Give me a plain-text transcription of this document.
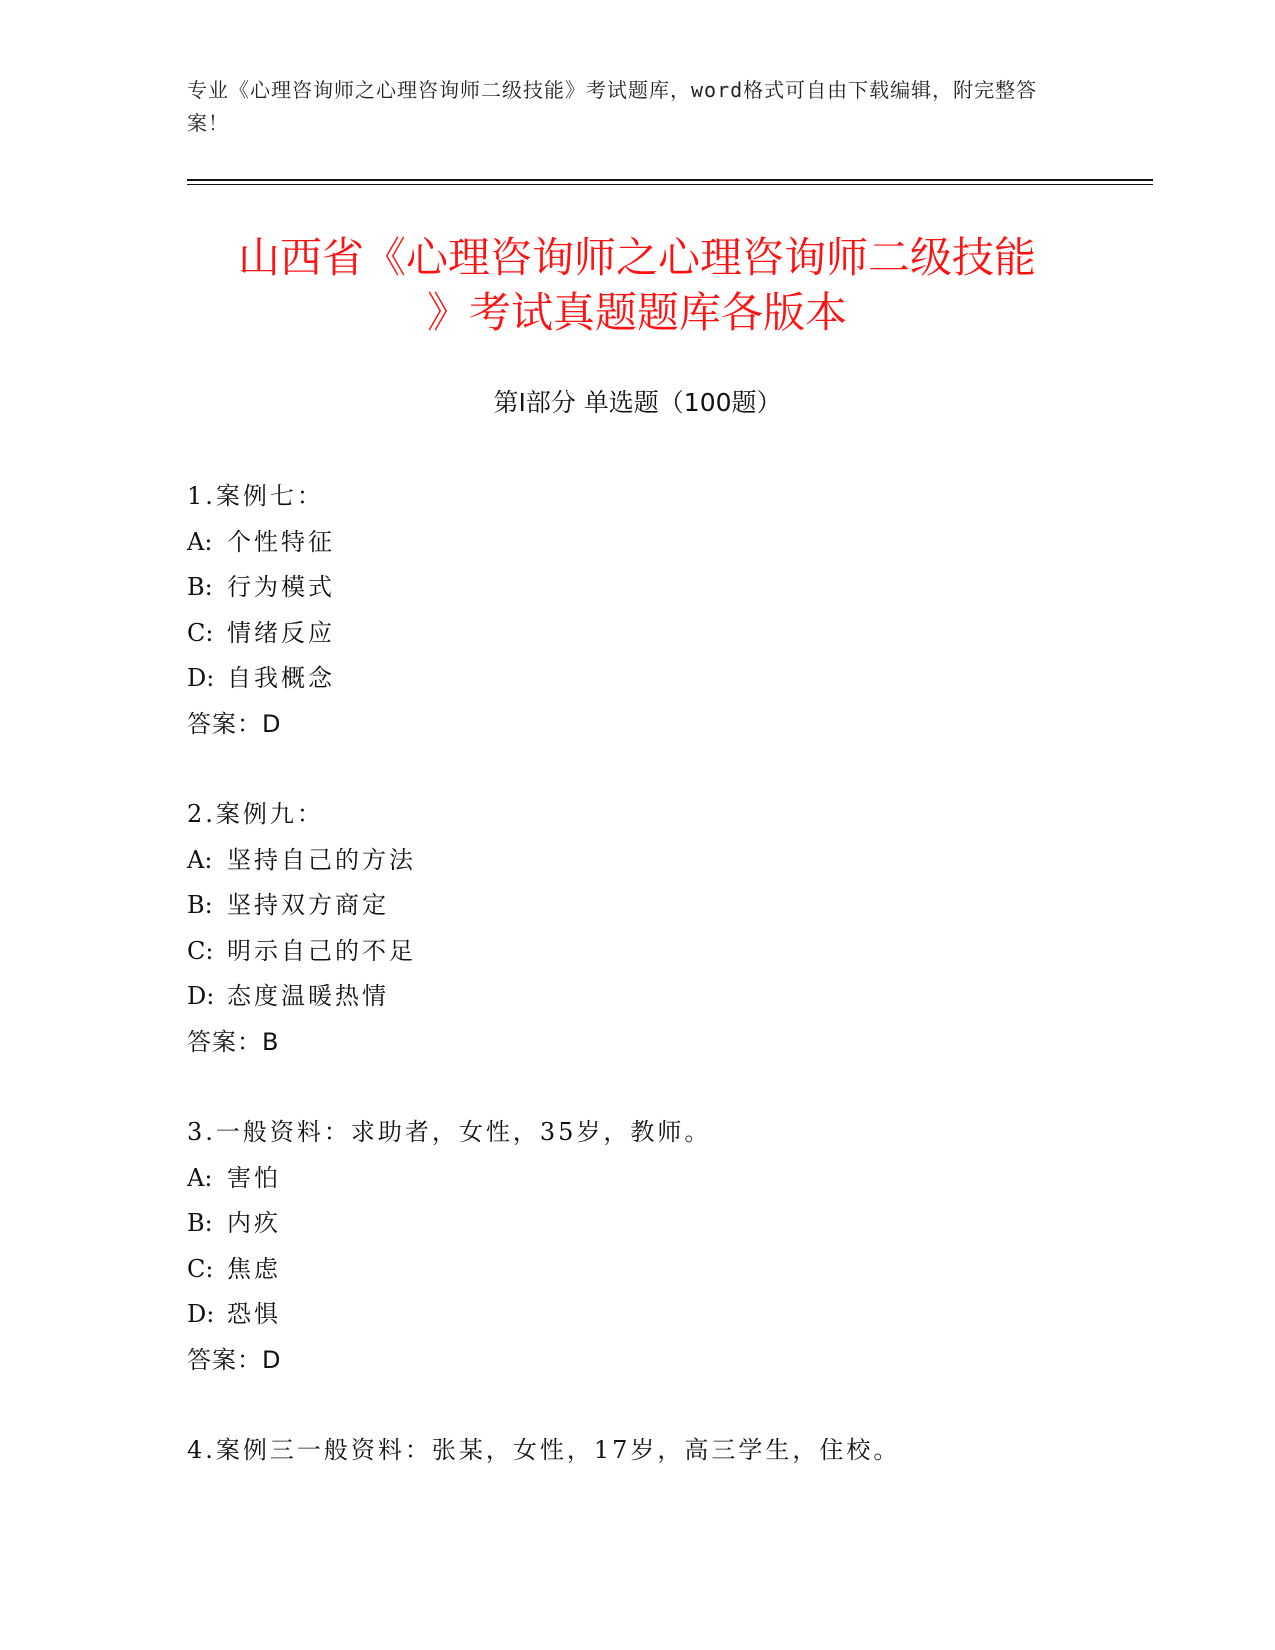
专业《心理咨询师之心理咨询师二级技能》考试题库，word格式可自由下载编辑，附完整答案！
山西省《心理咨询师之心理咨询师二级技能
》考试真题题库各版本
第Ⅰ部分 单选题（100题）
1.案例七：
A: 个性特征
B: 行为模式
C: 情绪反应
D: 自我概念
答案：D
2.案例九：
A: 坚持自己的方法
B: 坚持双方商定
C: 明示自己的不足
D: 态度温暖热情
答案：B
3.一般资料：求助者，女性，35岁，教师。
A: 害怕
B: 内疚
C: 焦虑
D: 恐惧
答案：D
4.案例三一般资料：张某，女性，17岁，高三学生，住校。
